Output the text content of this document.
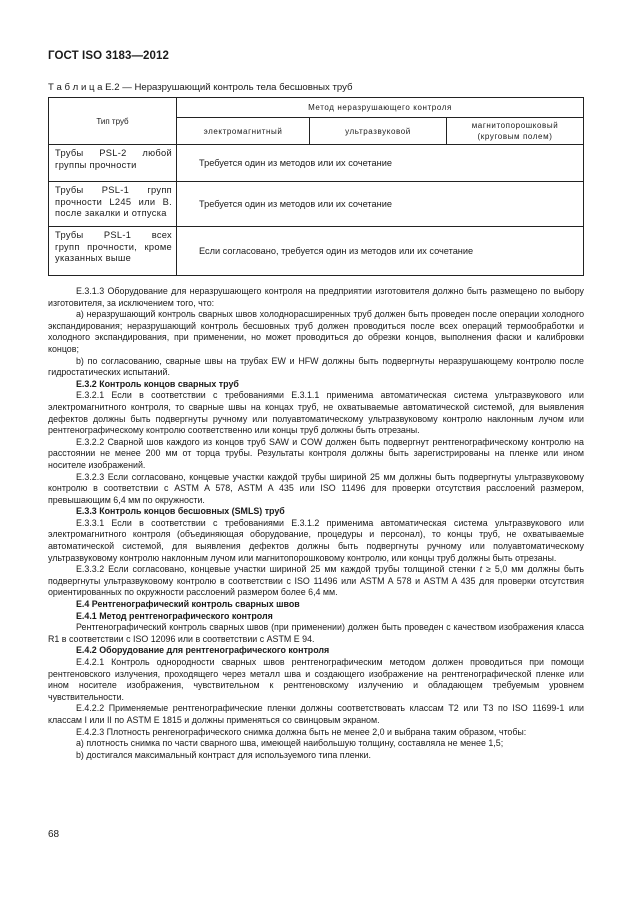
ГОСТ ISO 3183—2012
Т а б л и ц а Е.2 — Неразрушающий контроль тела бесшовных труб
Тип труб	Метод неразрушающего контроля		
	электромагнитный	ультразвуковой	магнитопорошковый
(круговым полем)

Трубы PSL-2 любой
группы прочности	Требуется один из методов или их сочетание		

Трубы PSL-1 групп
прочности L245 или В.
после закалки и отпуска	Требуется один из методов или их сочетание		

Трубы PSL-1 всех
групп прочности, кроме
указанных выше	Если согласовано, требуется один из методов или их сочетание		

Е.3.1.3 Оборудование для неразрушающего контроля на предприятии изготовителя должно быть размещено по выбору изготовителя, за исключением того, что:

а) неразрушающий контроль сварных швов холоднорасширенных труб должен быть проведен после операции холодного экспандирования; неразрушающий контроль бесшовных труб должен проводиться после всех операций термообработки и холодного экспандирования, при применении, но может проводиться до обрезки концов, выполнения фаски и калибровки концов;

b) по согласованию, сварные швы на трубах EW и HFW должны быть подвергнуты неразрушающему контролю после гидростатических испытаний.

Е.3.2 Контроль концов сварных труб

Е.3.2.1 Если в соответствии с требованиями Е.3.1.1 применима автоматическая система ультразвукового или электромагнитного контроля, то сварные швы на концах труб, не охватываемые автоматической системой, для выявления дефектов должны быть подвергнуты ручному или полуавтоматическому ультразвуковому контролю наклонным лучом или рентгенографическому контролю соответственно или концы труб должны быть отрезаны.

Е.3.2.2 Сварной шов каждого из концов труб SAW и COW должен быть подвергнут рентгенографическому контролю на расстоянии не менее 200 мм от торца трубы. Результаты контроля должны быть зарегистрированы на пленке или ином носителе изображений.

Е.3.2.3 Если согласовано, концевые участки каждой трубы шириной 25 мм должны быть подвергнуты ультразвуковому контролю в соответствии с ASTM A 578, ASTM A 435 или ISO 11496 для проверки отсутствия расслоений размером, превышающим 6,4 мм по окружности.

Е.3.3 Контроль концов бесшовных (SMLS) труб

Е.3.3.1 Если в соответствии с требованиями Е.3.1.2 применима автоматическая система ультразвукового или электромагнитного контроля (объединяющая оборудование, процедуры и персонал), то концы труб, не охватываемые автоматической системой, для выявления дефектов должны быть подвергнуты ручному или полуавтоматическому ультразвуковому контролю наклонным лучом или магнитопорошковому контролю, или концы труб должны быть отрезаны.

Е.3.3.2 Если согласовано, концевые участки шириной 25 мм каждой трубы толщиной стенки t ≥ 5,0 мм должны быть подвергнуты ультразвуковому контролю в соответствии с ISO 11496 или ASTM A 578 и ASTM A 435 для проверки отсутствия ориентированных по окружности расслоений размером более 6,4 мм.

Е.4 Рентгенографический контроль сварных швов

Е.4.1 Метод рентгенографического контроля

Рентгенографический контроль сварных швов (при применении) должен быть проведен с качеством изображения класса R1 в соответствии с ISO 12096 или в соответствии с ASTM E 94.

Е.4.2 Оборудование для рентгенографического контроля

Е.4.2.1 Контроль однородности сварных швов рентгенографическим методом должен проводиться при помощи рентгеновского излучения, проходящего через металл шва и создающего изображение на рентгенографической пленке или ином носителе изображения, чувствительном к рентгеновскому излучению и обладающем требуемым уровнем чувствительности.

Е.4.2.2 Применяемые рентгенографические пленки должны соответствовать классам Т2 или Т3 по ISO 11699-1 или классам I или II по ASTM E 1815 и должны применяться со свинцовым экраном.

Е.4.2.3 Плотность ренгенографического снимка должна быть не менее 2,0 и выбрана таким образом, чтобы:

а) плотность снимка по части сварного шва, имеющей наибольшую толщину, составляла не менее 1,5;

b) достигался максимальный контраст для используемого типа пленки.

68
